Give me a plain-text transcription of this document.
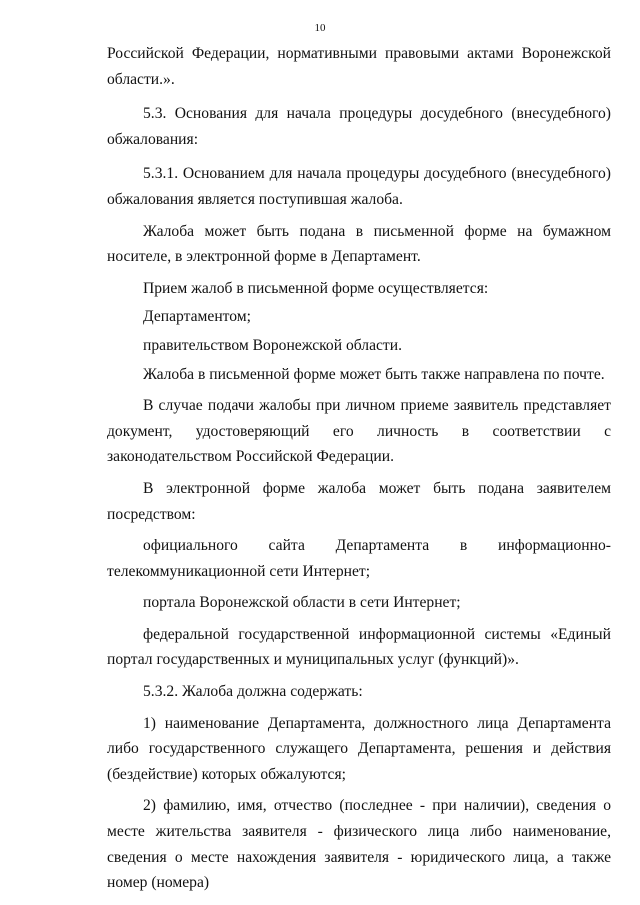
10

Российской Федерации, нормативными правовыми актами Воронежской области.».

5.3. Основания для начала процедуры досудебного (внесудебного) обжалования:

5.3.1. Основанием для начала процедуры досудебного (внесудебного) обжалования является поступившая жалоба.

Жалоба может быть подана в письменной форме на бумажном носителе, в электронной форме в Департамент.

Прием жалоб в письменной форме осуществляется:

Департаментом;

правительством Воронежской области.

Жалоба в письменной форме может быть также направлена по почте.

В случае подачи жалобы при личном приеме заявитель представляет документ, удостоверяющий его личность в соответствии с законодательством Российской Федерации.

В электронной форме жалоба может быть подана заявителем посредством:

официального сайта Департамента в информационно-телекоммуникационной сети Интернет;

портала Воронежской области в сети Интернет;

федеральной государственной информационной системы «Единый портал государственных и муниципальных услуг (функций)».

5.3.2. Жалоба должна содержать:

1) наименование Департамента, должностного лица Департамента либо государственного служащего Департамента, решения и действия (бездействие) которых обжалуются;

2) фамилию, имя, отчество (последнее - при наличии), сведения о месте жительства заявителя - физического лица либо наименование, сведения о месте нахождения заявителя - юридического лица, а также номер (номера)
